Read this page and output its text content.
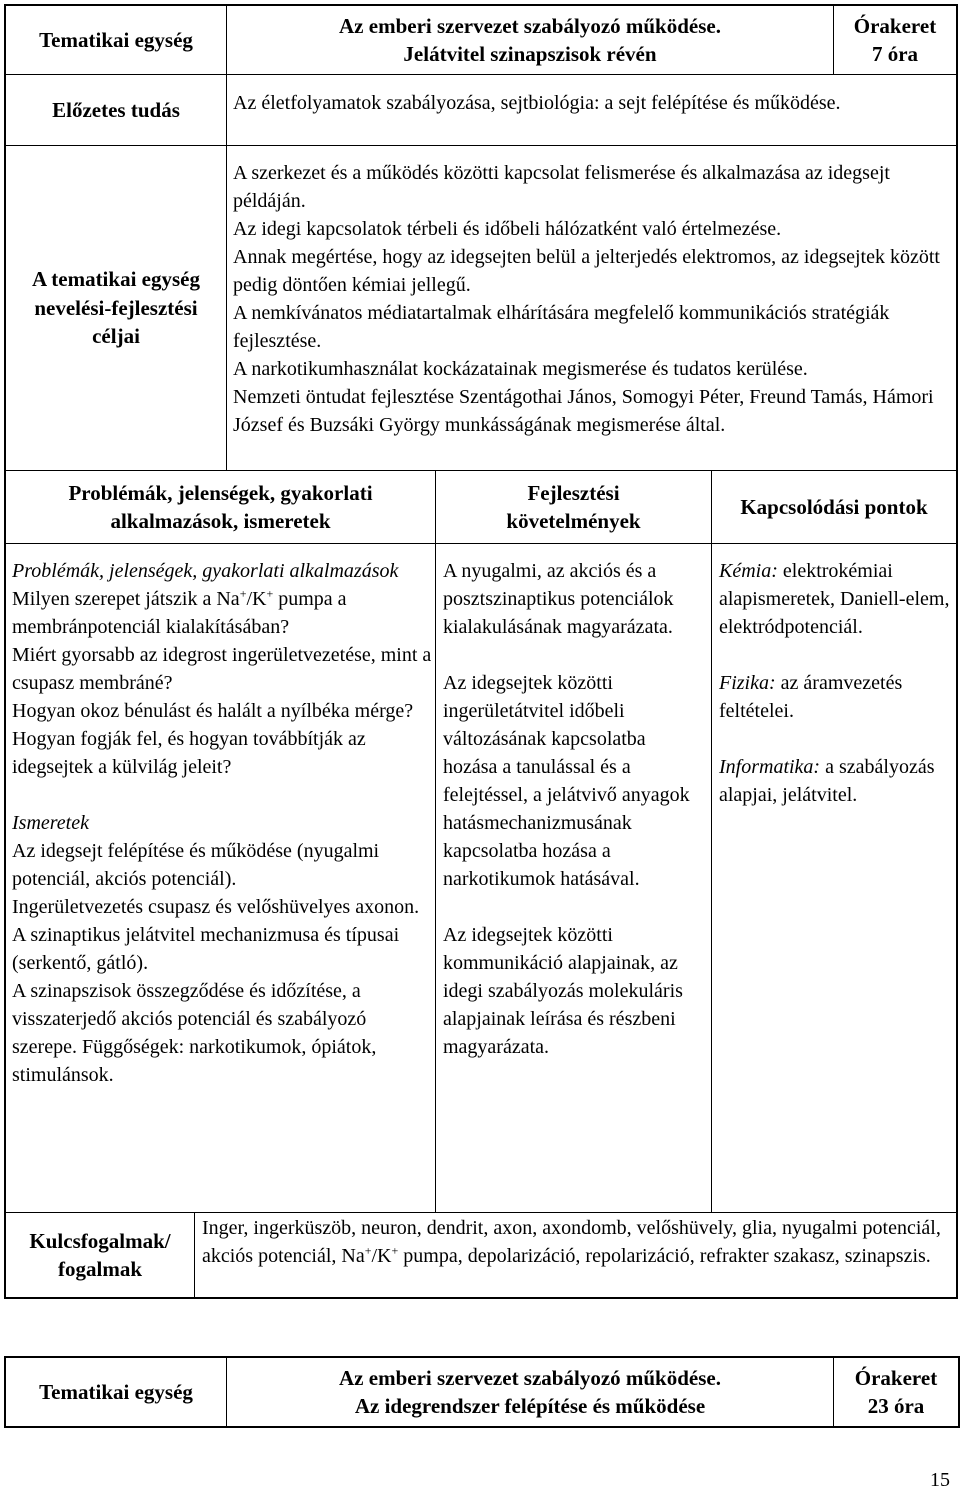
Tematikai egység
Az emberi szervezet szabályozó működése.
Jelátvitel szinapszisok révén
Órakeret
7 óra
Előzetes tudás	Az életfolyamatok szabályozása, sejtbiológia: a sejt felépítése és működése.

A tematikai egység
nevelési-fejlesztési
céljai

A szerkezet és a működés közötti kapcsolat felismerése és alkalmazása az idegsejt példáján.

Az idegi kapcsolatok térbeli és időbeli hálózatként való értelmezése.

Annak megértése, hogy az idegsejten belül a jelterjedés elektromos, az idegsejtek között pedig döntően kémiai jellegű.

A nemkívánatos médiatartalmak elhárítására megfelelő kommunikációs stratégiák fejlesztése.

A narkotikumhasználat kockázatainak megismerése és tudatos kerülése.

Nemzeti öntudat fejlesztése Szentágothai János, Somogyi Péter, Freund Tamás, Hámori József és Buzsáki György munkásságának megismerése által.

Problémák, jelenségek, gyakorlati
alkalmazások, ismeretek
Fejlesztési
követelmények
Kapcsolódási pontok

Problémák, jelenségek, gyakorlati alkalmazások

Milyen szerepet játszik a Na+/K+ pumpa a membránpotenciál kialakításában?

Miért gyorsabb az idegrost ingerületvezetése, mint a csupasz membráné?

Hogyan okoz bénulást és halált a nyílbéka mérge?

Hogyan fogják fel, és hogyan továbbítják az idegsejtek a külvilág jeleit?

Ismeretek

Az idegsejt felépítése és működése (nyugalmi potenciál, akciós potenciál).

Ingerületvezetés csupasz és velőshüvelyes axonon.

A szinaptikus jelátvitel mechanizmusa és típusai (serkentő, gátló).

A szinapszisok összegződése és időzítése, a visszaterjedő akciós potenciál és szabályozó szerepe. Függőségek: narkotikumok, ópiátok, stimulánsok.

A nyugalmi, az akciós és a posztszinaptikus potenciálok kialakulásának magyarázata.

Az idegsejtek közötti ingerületátvitel időbeli változásának kapcsolatba hozása a tanulással és a felejtéssel, a jelátvivő anyagok hatásmechanizmusának kapcsolatba hozása a narkotikumok hatásával.

Az idegsejtek közötti kommunikáció alapjainak, az idegi szabályozás molekuláris alapjainak leírása és részbeni magyarázata.

Kémia: elektrokémiai alapismeretek, Daniell-elem, elektródpotenciál.

Fizika: az áramvezetés feltételei.

Informatika: a szabályozás alapjai, jelátvitel.

Kulcsfogalmak/
fogalmak

Inger, ingerküszöb, neuron, dendrit, axon, axondomb, velőshüvely, glia, nyugalmi potenciál, akciós potenciál, Na+/K+ pumpa, depolarizáció, repolarizáció, refrakter szakasz, szinapszis.

Tematikai egység
Az emberi szervezet szabályozó működése.
Az idegrendszer felépítése és működése
Órakeret
23 óra
15
